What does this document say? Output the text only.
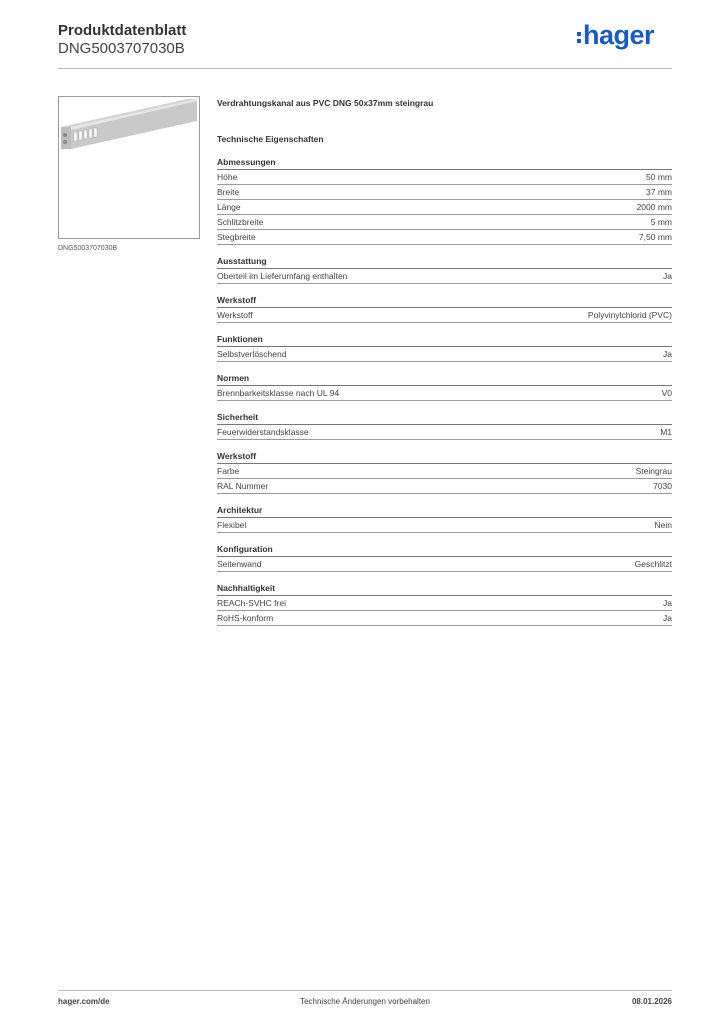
Produktdatenblatt
DNG5003707030B	hager
DNG5003707030B
Verdrahtungskanal aus PVC DNG 50x37mm steingrau
Technische Eigenschaften
Abmessungen
Höhe	50 mm
Breite	37 mm
Länge	2000 mm
Schlitzbreite	5 mm
Stegbreite	7,50 mm
Ausstattung
Oberteil im Lieferumfang enthalten	Ja
Werkstoff
Werkstoff	Polyvinylchlorid (PVC)
Funktionen
Selbstverlöschend	Ja
Normen
Brennbarkeitsklasse nach UL 94	V0
Sicherheit
Feuerwiderstandsklasse	M1
Werkstoff
Farbe	Steingrau
RAL Nummer	7030
Architektur
Flexibel	Nein
Konfiguration
Seitenwand	Geschlitzt
Nachhaltigkeit
REACh-SVHC frei	Ja
RoHS-konform	Ja
hager.com/de	Technische Änderungen vorbehalten	08.01.2026
